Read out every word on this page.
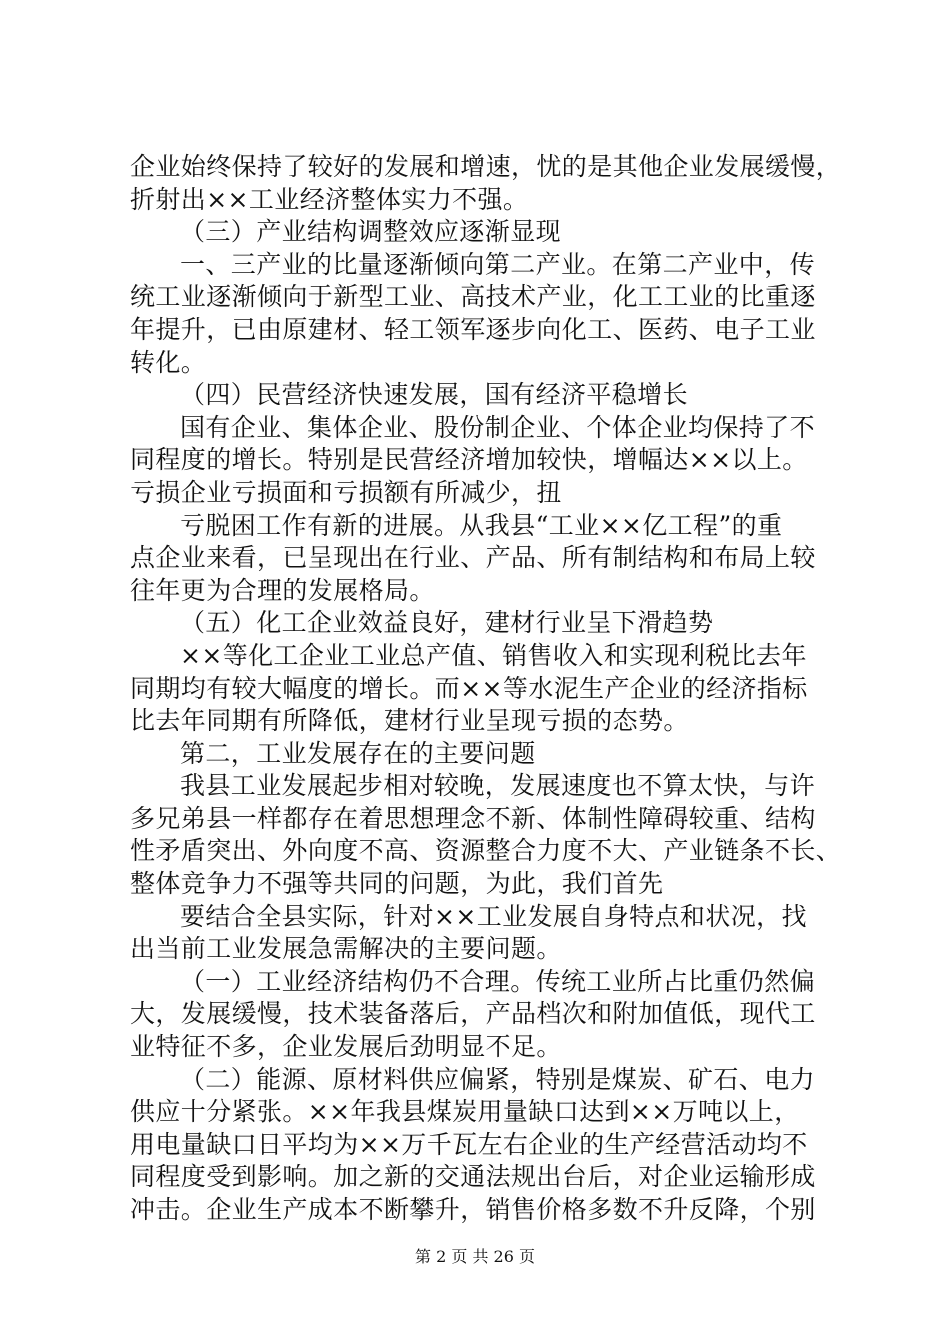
企业始终保持了较好的发展和增速，忧的是其他企业发展缓慢，
折射出××工业经济整体实力不强。
（三）产业结构调整效应逐渐显现
一、三产业的比量逐渐倾向第二产业。在第二产业中，传
统工业逐渐倾向于新型工业、高技术产业，化工工业的比重逐
年提升，已由原建材、轻工领军逐步向化工、医药、电子工业
转化。
（四）民营经济快速发展，国有经济平稳增长
国有企业、集体企业、股份制企业、个体企业均保持了不
同程度的增长。特别是民营经济增加较快，增幅达××以上。
亏损企业亏损面和亏损额有所减少，扭
亏脱困工作有新的进展。从我县“工业××亿工程”的重
点企业来看，已呈现出在行业、产品、所有制结构和布局上较
往年更为合理的发展格局。
（五）化工企业效益良好，建材行业呈下滑趋势
××等化工企业工业总产值、销售收入和实现利税比去年
同期均有较大幅度的增长。而××等水泥生产企业的经济指标
比去年同期有所降低，建材行业呈现亏损的态势。
第二，工业发展存在的主要问题
我县工业发展起步相对较晚，发展速度也不算太快，与许
多兄弟县一样都存在着思想理念不新、体制性障碍较重、结构
性矛盾突出、外向度不高、资源整合力度不大、产业链条不长、
整体竞争力不强等共同的问题，为此，我们首先
要结合全县实际，针对××工业发展自身特点和状况，找
出当前工业发展急需解决的主要问题。
（一）工业经济结构仍不合理。传统工业所占比重仍然偏
大，发展缓慢，技术装备落后，产品档次和附加值低，现代工
业特征不多，企业发展后劲明显不足。
（二）能源、原材料供应偏紧，特别是煤炭、矿石、电力
供应十分紧张。××年我县煤炭用量缺口达到××万吨以上，
用电量缺口日平均为××万千瓦左右企业的生产经营活动均不
同程度受到影响。加之新的交通法规出台后，对企业运输形成
冲击。企业生产成本不断攀升，销售价格多数不升反降，个别
第 2 页 共 26 页
